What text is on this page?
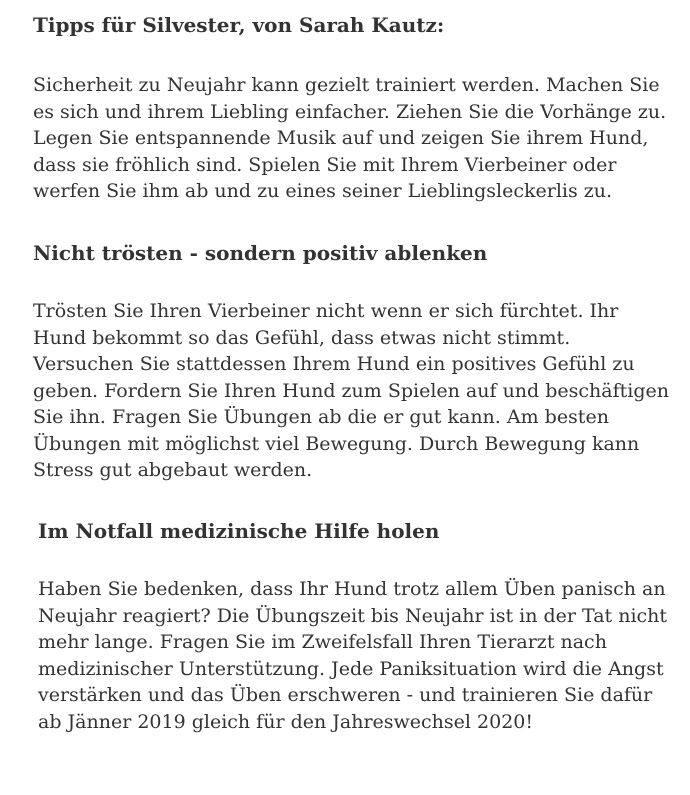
Tipps für Silvester, von Sarah Kautz:

Sicherheit zu Neujahr kann gezielt trainiert werden. Machen Sie
es sich und ihrem Liebling einfacher. Ziehen Sie die Vorhänge zu.
Legen Sie entspannende Musik auf und zeigen Sie ihrem Hund,
dass sie fröhlich sind. Spielen Sie mit Ihrem Vierbeiner oder
werfen Sie ihm ab und zu eines seiner Lieblingsleckerlis zu.

Nicht trösten - sondern positiv ablenken

Trösten Sie Ihren Vierbeiner nicht wenn er sich fürchtet. Ihr
Hund bekommt so das Gefühl, dass etwas nicht stimmt.
Versuchen Sie stattdessen Ihrem Hund ein positives Gefühl zu
geben. Fordern Sie Ihren Hund zum Spielen auf und beschäftigen
Sie ihn. Fragen Sie Übungen ab die er gut kann. Am besten
Übungen mit möglichst viel Bewegung. Durch Bewegung kann
Stress gut abgebaut werden.

Im Notfall medizinische Hilfe holen

Haben Sie bedenken, dass Ihr Hund trotz allem Üben panisch an
Neujahr reagiert? Die Übungszeit bis Neujahr ist in der Tat nicht
mehr lange. Fragen Sie im Zweifelsfall Ihren Tierarzt nach
medizinischer Unterstützung. Jede Paniksituation wird die Angst
verstärken und das Üben erschweren - und trainieren Sie dafür
ab Jänner 2019 gleich für den Jahreswechsel 2020!
